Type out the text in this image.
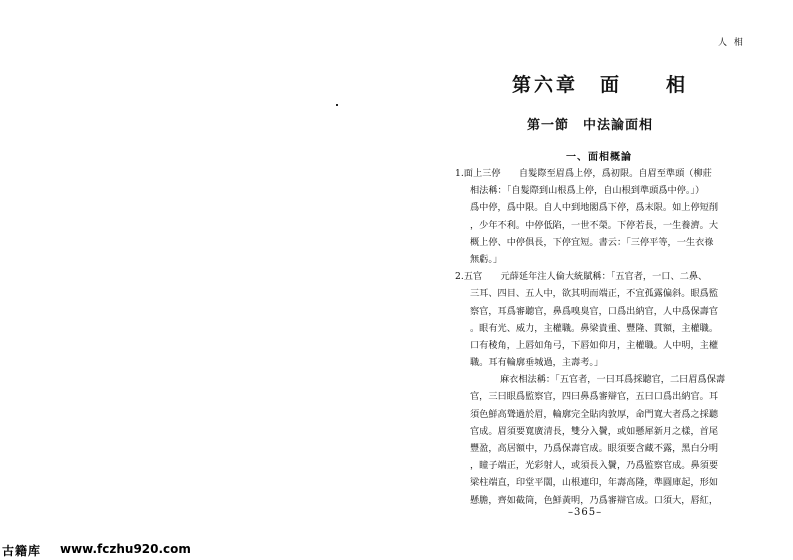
人 相
第六章　面　　相
第一節　中法論面相
一、面相概論
1.面上三停　　自髮際至眉爲上停，爲初限。自眉至準頭（柳莊
相法稱：「自髮際到山根爲上停，自山根到準頭爲中停。」）
爲中停，爲中限。自人中到地閣爲下停，爲末限。如上停短削
，少年不利。中停低陷，一世不榮。下停若長，一生養濟。大
概上停、中停俱長，下停宜短。書云：「三停平等，一生衣祿
無虧。」
2.五官　　元薛延年注人倫大統賦稱：「五官者，一口、二鼻、
三耳、四目、五人中，欲其明而端正，不宜孤露偏斜。眼爲監
察官，耳爲審聽官，鼻爲嗅臭官，口爲出納官，人中爲保壽官
。眼有光、威力，主權職。鼻梁貴重、豐隆、貫額，主權職。
口有稜角，上唇如角弓，下唇如仰月，主權職。人中明，主權
職。耳有輪廓垂城過，主壽考。」
麻衣相法稱：「五官者，一曰耳爲採聽官，二曰眉爲保壽
官，三曰眼爲監察官，四曰鼻爲審辯官，五曰口爲出納官。耳
須色鮮高聳過於眉，輪廓完全貼肉敦厚，命門寬大者爲之採聽
官成。眉須要寬廣清長，雙分入鬢，或如懸犀新月之樣，首尾
豐盈，高居額中，乃爲保壽官成。眼須要含藏不露，黑白分明
，瞳子端正，光彩射人，或須長入鬢，乃爲監察官成。鼻須要
梁柱端直，印堂平闊，山根連印，年壽高隆，準圓庫起，形如
懸膽，齊如截筒，色鮮黃明，乃爲審辯官成。口須大，唇紅，
–365–
古籍库 www.fczhu920.com
